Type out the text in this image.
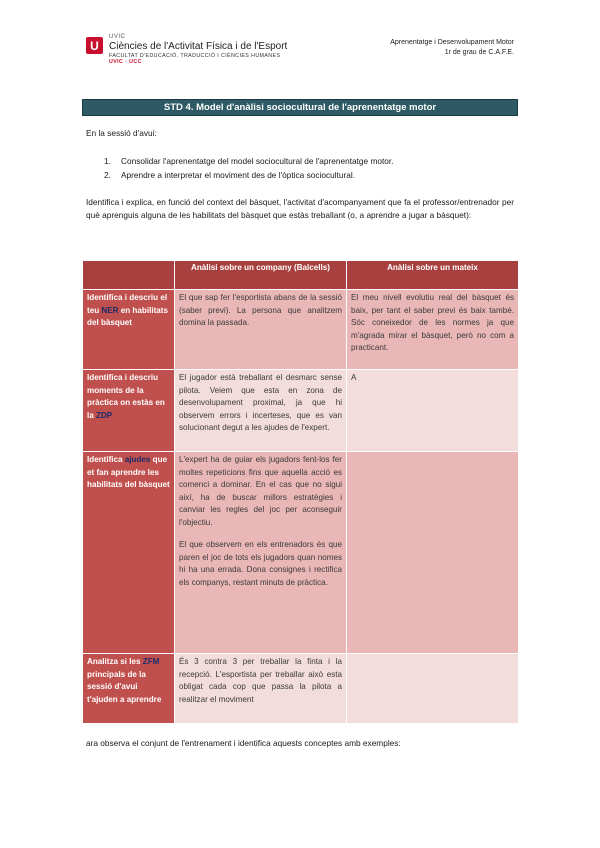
U
UVIC
Ciències de l'Activitat Física i de l'Esport
FACULTAT D'EDUCACIÓ, TRADUCCIÓ I CIÈNCIES HUMANES
UVIC · UCC
Aprenentatge i Desenvolupament Motor
1r de grau de C.A.F.E.
STD 4. Model d'anàlisi sociocultural de l'aprenentatge motor
En la sessió d'avui:
1. Consolidar l'aprenentatge del model sociocultural de l'aprenentatge motor.
2. Aprendre a interpretar el moviment des de l'òptica sociocultural.
Identifica i explica, en funció del context del bàsquet, l'activitat d'acompanyament que fa el professor/entrenador per què aprenguis alguna de les habilitats del bàsquet que estàs treballant (o, a aprendre a jugar a bàsquet):
	Anàlisi sobre un company (Balcells)	Anàlisi sobre un mateix
Identifica i descriu el teu NER en habilitats del bàsquet	El que sap fer l'esportista abans de la sessió (saber previ). La persona que analitzem domina la passada.	El meu nivell evolutiu real del bàsquet és baix, per tant el saber previ és baix també. Sóc coneixedor de les normes ja que m'agrada mirar el bàsquet, però no com a practicant.
Identifica i descriu moments de la pràctica on estàs en la ZDP	El jugador està treballant el desmarc sense pilota. Veiem que esta en zona de desenvolupament proximal, ja que hi observem errors i incerteses, que es van solucionant degut a les ajudes de l'expert.	A
Identifica ajudes que et fan aprendre les habilitats del bàsquet	L'expert ha de guiar els jugadors fent-los fer moltes repeticions fins que aquella acció es comenci a dominar. En el cas que no sigui així, ha de buscar millors estratègies i canviar les regles del joc per aconseguir l'objectiu.
El que observem en els entrenadors és que paren el joc de tots els jugadors quan nomes hi ha una errada. Dona consignes i rectifica els companys, restant minuts de pràctica.	

Analitza si les ZFM principals de la sessió d'avui t'ajuden a aprendre	És 3 contra 3 per treballar la finta i la recepció. L'esportista per treballar això esta obligat cada cop que passa la pilota a realitzar el moviment	
ara observa el conjunt de l'entrenament i identifica aquests conceptes amb exemples:
